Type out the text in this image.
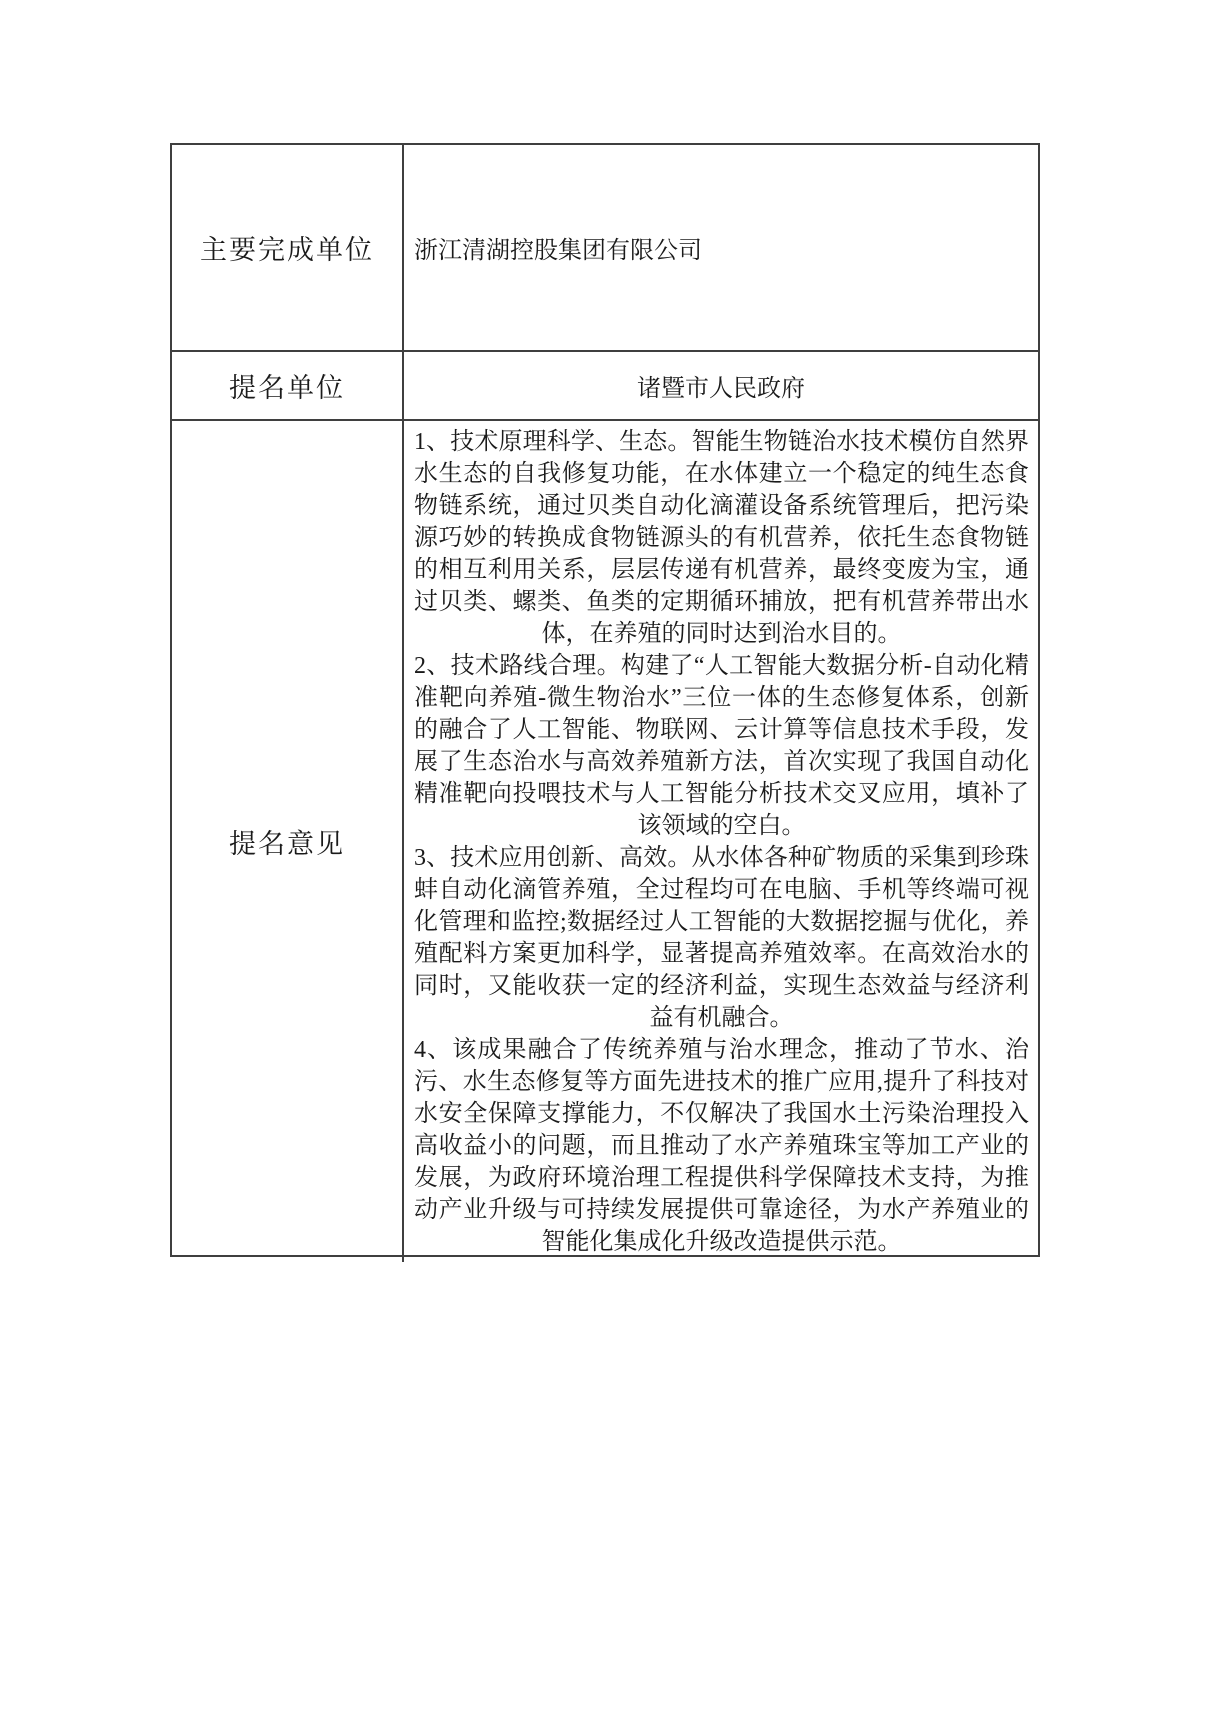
主要完成单位	浙江清湖控股集团有限公司
提名单位	诸暨市人民政府
提名意见

1、技术原理科学、生态。智能生物链治水技术模仿自然界水生态的自我修复功能，在水体建立一个稳定的纯生态食物链系统，通过贝类自动化滴灌设备系统管理后，把污染源巧妙的转换成食物链源头的有机营养，依托生态食物链的相互利用关系，层层传递有机营养，最终变废为宝，通过贝类、螺类、鱼类的定期循环捕放，把有机营养带出水体，在养殖的同时达到治水目的。

2、技术路线合理。构建了“人工智能大数据分析-自动化精准靶向养殖-微生物治水”三位一体的生态修复体系，创新的融合了人工智能、物联网、云计算等信息技术手段，发展了生态治水与高效养殖新方法，首次实现了我国自动化精准靶向投喂技术与人工智能分析技术交叉应用，填补了该领域的空白。

3、技术应用创新、高效。从水体各种矿物质的采集到珍珠蚌自动化滴管养殖，全过程均可在电脑、手机等终端可视化管理和监控;数据经过人工智能的大数据挖掘与优化，养殖配料方案更加科学，显著提高养殖效率。在高效治水的同时，又能收获一定的经济利益，实现生态效益与经济利益有机融合。

4、该成果融合了传统养殖与治水理念，推动了节水、治污、水生态修复等方面先进技术的推广应用,提升了科技对水安全保障支撑能力，不仅解决了我国水土污染治理投入高收益小的问题，而且推动了水产养殖珠宝等加工产业的发展，为政府环境治理工程提供科学保障技术支持，为推动产业升级与可持续发展提供可靠途径，为水产养殖业的智能化集成化升级改造提供示范。
